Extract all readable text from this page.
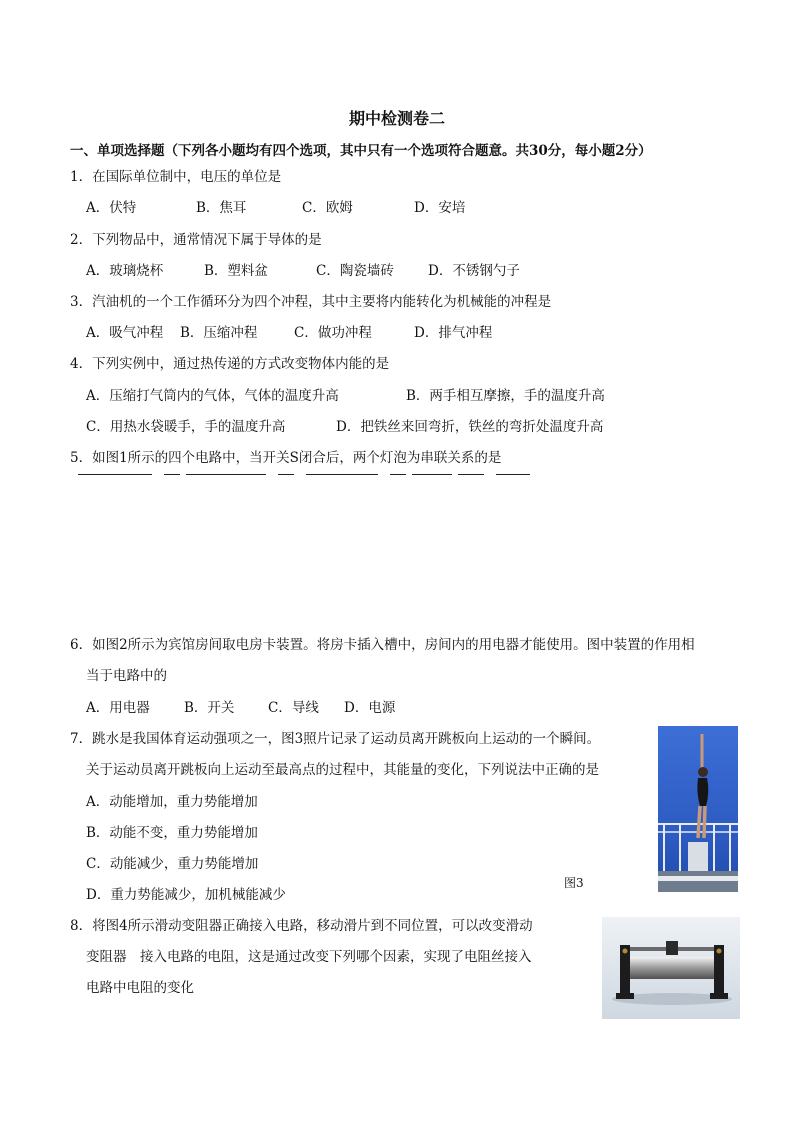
期中检测卷二
一、单项选择题（下列各小题均有四个选项，其中只有一个选项符合题意。共30分，每小题2分）
1．在国际单位制中，电压的单位是
A．伏特	B．焦耳	C．欧姆	D．安培
2．下列物品中，通常情况下属于导体的是
A．玻璃烧杯	B．塑料盆	C．陶瓷墙砖	D．不锈钢勺子
3．汽油机的一个工作循环分为四个冲程，其中主要将内能转化为机械能的冲程是
A．吸气冲程 B．压缩冲程	C．做功冲程	D．排气冲程
4．下列实例中，通过热传递的方式改变物体内能的是
A．压缩打气筒内的气体，气体的温度升高	B．两手相互摩擦，手的温度升高
C．用热水袋暖手，手的温度升高	D．把铁丝来回弯折，铁丝的弯折处温度升高
5．如图1所示的四个电路中，当开关S闭合后，两个灯泡为串联关系的是
6．如图2所示为宾馆房间取电房卡装置。将房卡插入槽中，房间内的用电器才能使用。图中装置的作用相
当于电路中的
A．用电器	B．开关 C．导线 D．电源
7．跳水是我国体育运动强项之一，图3照片记录了运动员离开跳板向上运动的一个瞬间。
关于运动员离开跳板向上运动至最高点的过程中，其能量的变化，下列说法中正确的是
A．动能增加，重力势能增加
B．动能不变，重力势能增加
C．动能减少，重力势能增加
D．重力势能减少，加机械能减少
图3
8．将图4所示滑动变阻器正确接入电路，移动滑片到不同位置，可以改变滑动
变阻器　接入电路的电阻，这是通过改变下列哪个因素，实现了电阻丝接入
电路中电阻的变化
